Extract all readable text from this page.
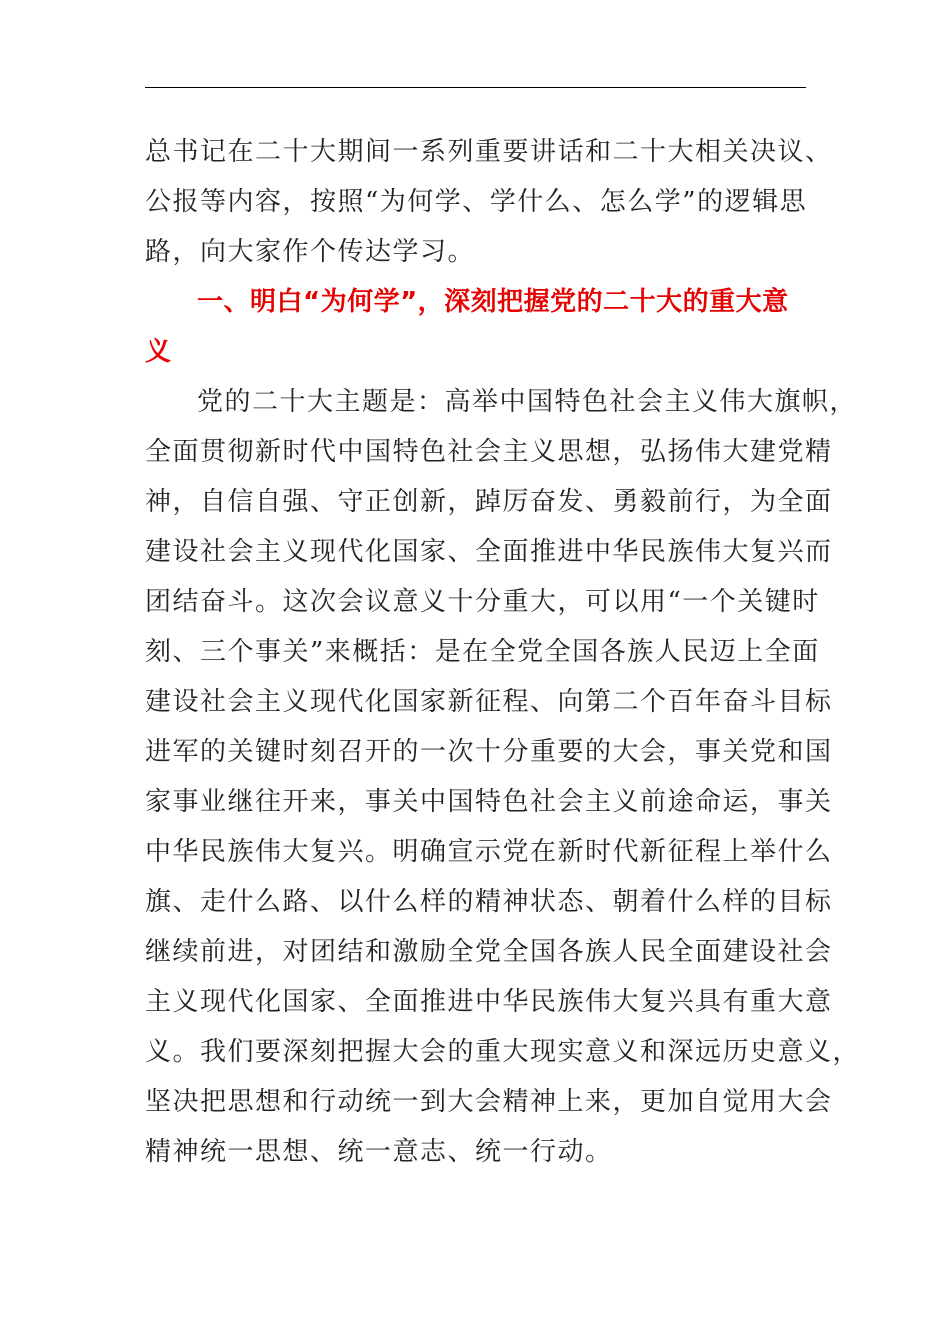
总书记在二十大期间一系列重要讲话和二十大相关决议、
公报等内容，按照“为何学、学什么、怎么学”的逻辑思
路，向大家作个传达学习。
一、明白“为何学”，深刻把握党的二十大的重大意
义
党的二十大主题是：高举中国特色社会主义伟大旗帜，
全面贯彻新时代中国特色社会主义思想，弘扬伟大建党精
神，自信自强、守正创新，踔厉奋发、勇毅前行，为全面
建设社会主义现代化国家、全面推进中华民族伟大复兴而
团结奋斗。这次会议意义十分重大，可以用“一个关键时
刻、三个事关”来概括：是在全党全国各族人民迈上全面
建设社会主义现代化国家新征程、向第二个百年奋斗目标
进军的关键时刻召开的一次十分重要的大会，事关党和国
家事业继往开来，事关中国特色社会主义前途命运，事关
中华民族伟大复兴。明确宣示党在新时代新征程上举什么
旗、走什么路、以什么样的精神状态、朝着什么样的目标
继续前进，对团结和激励全党全国各族人民全面建设社会
主义现代化国家、全面推进中华民族伟大复兴具有重大意
义。我们要深刻把握大会的重大现实意义和深远历史意义，
坚决把思想和行动统一到大会精神上来，更加自觉用大会
精神统一思想、统一意志、统一行动。
